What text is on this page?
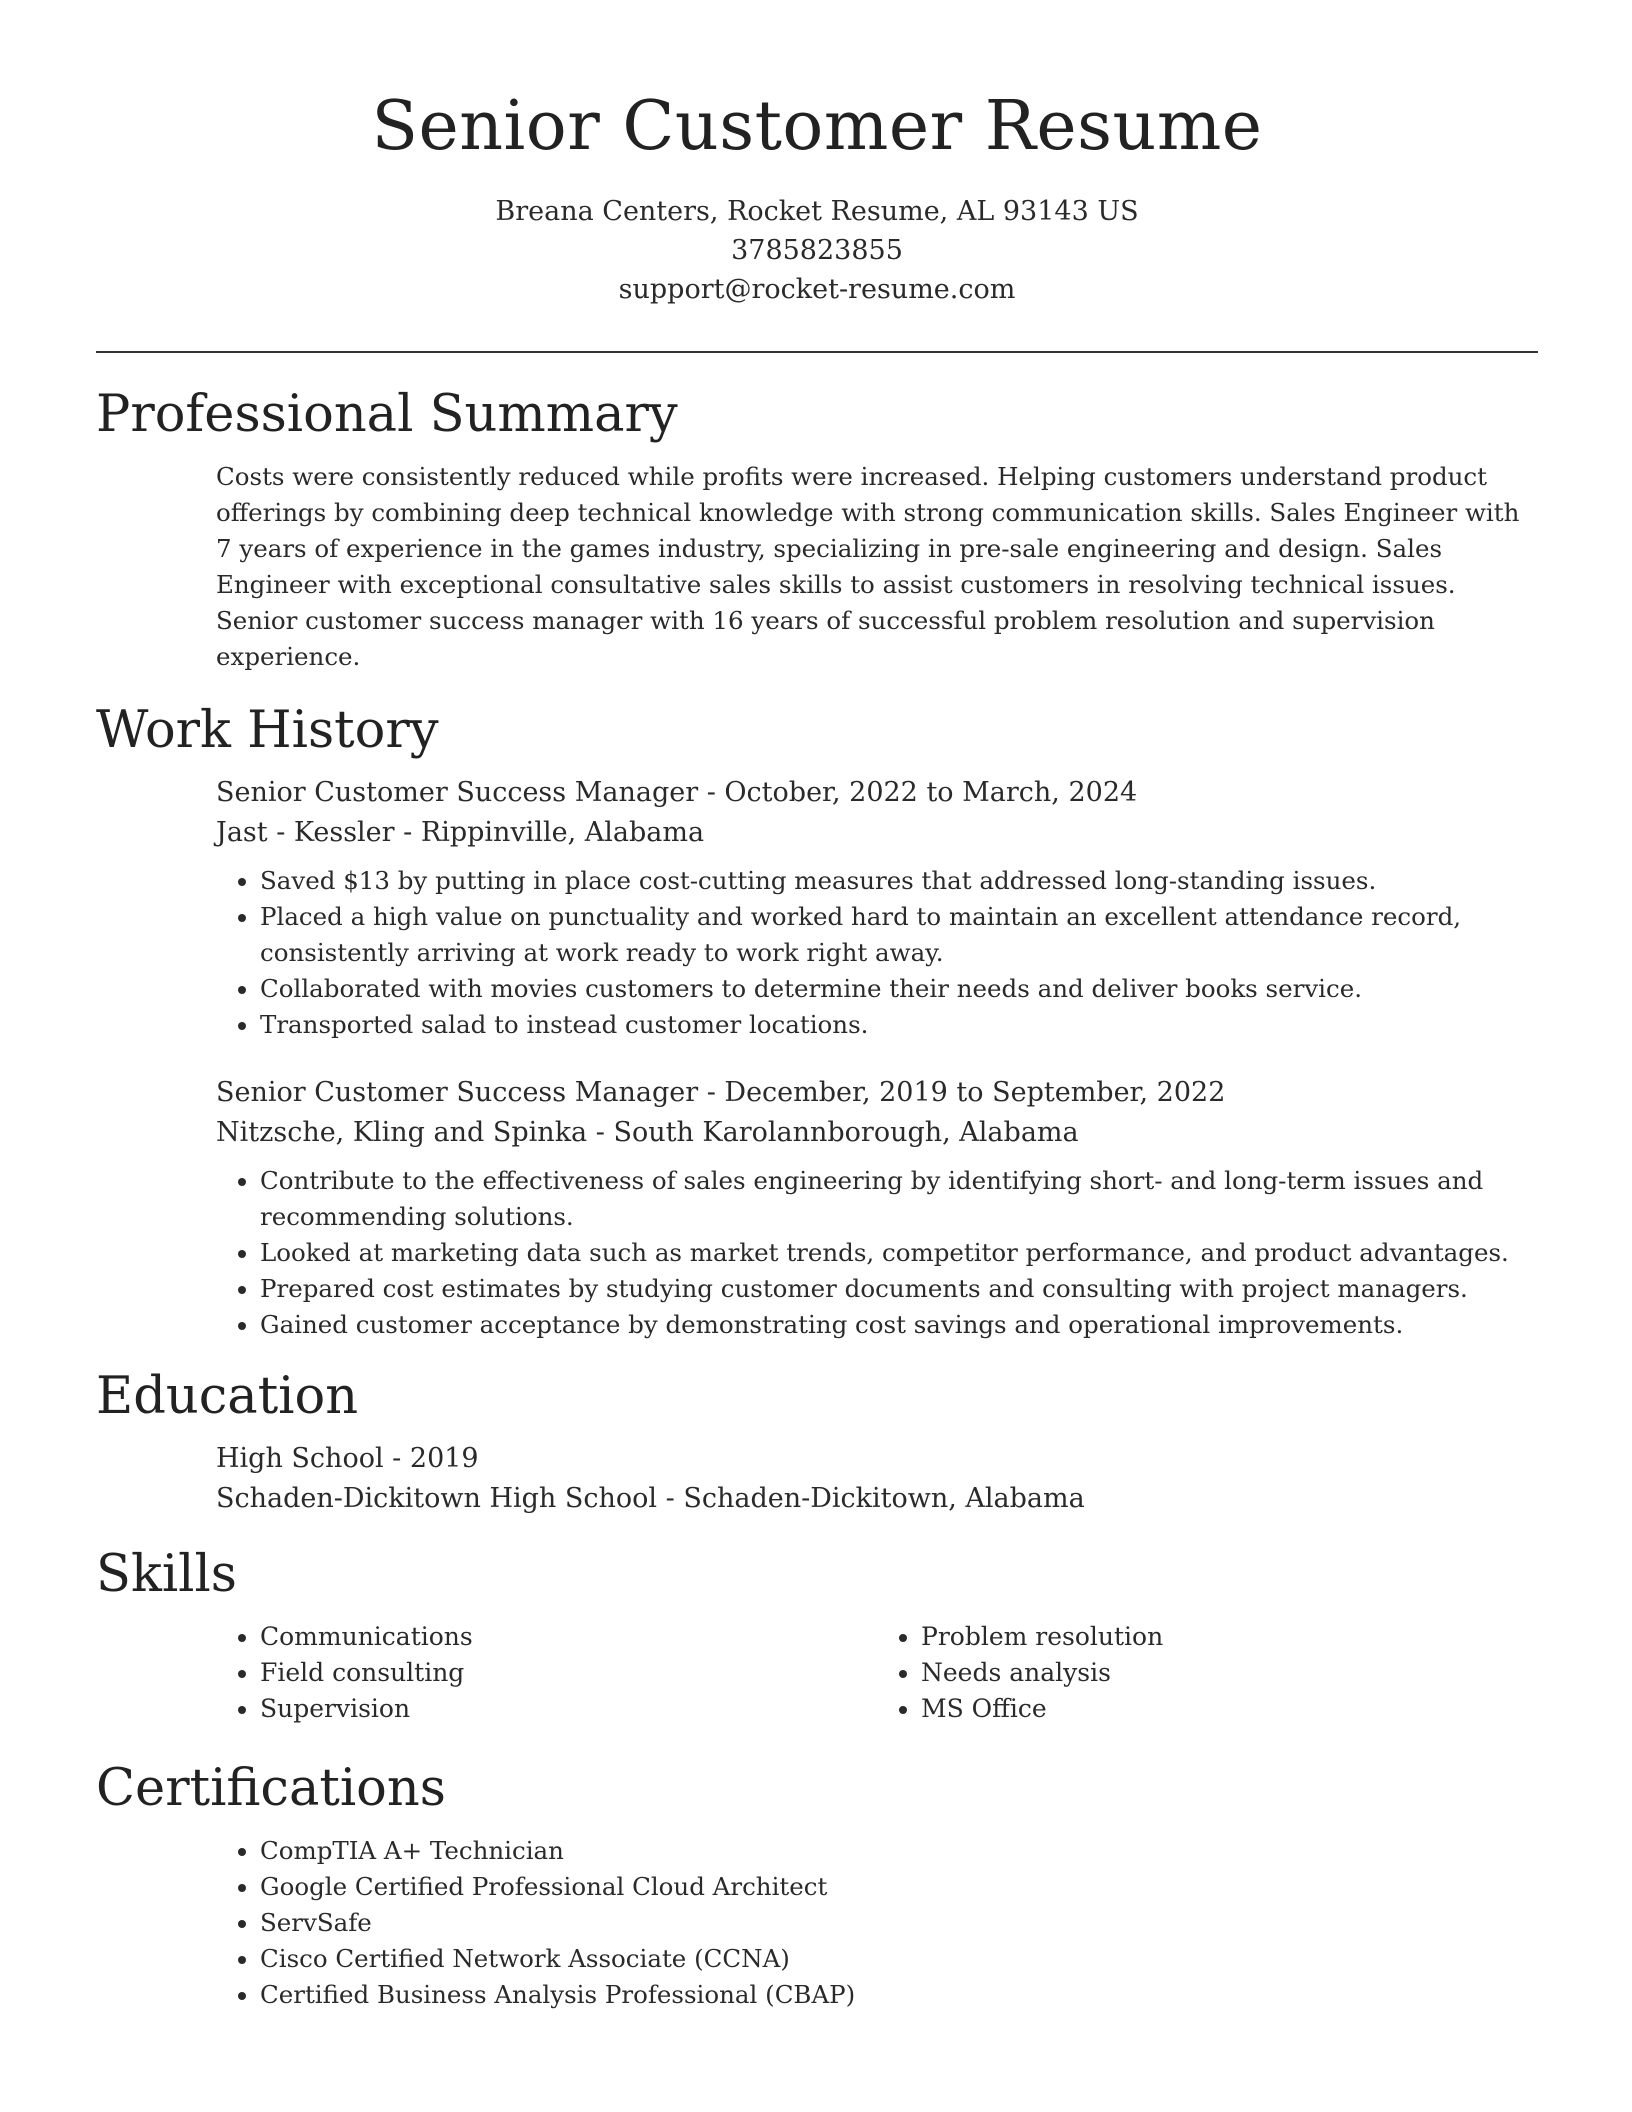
Senior Customer Resume
Breana Centers, Rocket Resume, AL 93143 US
3785823855
support@rocket-resume.com
Professional Summary

Costs were consistently reduced while profits were increased. Helping customers understand product offerings by combining deep technical knowledge with strong communication skills. Sales Engineer with 7 years of experience in the games industry, specializing in pre-sale engineering and design. Sales Engineer with exceptional consultative sales skills to assist customers in resolving technical issues. Senior customer success manager with 16 years of successful problem resolution and supervision experience.

Work History
Senior Customer Success Manager - October, 2022 to March, 2024
Jast - Kessler - Rippinville, Alabama
• Saved $13 by putting in place cost-cutting measures that addressed long-standing issues.
• Placed a high value on punctuality and worked hard to maintain an excellent attendance record, consistently arriving at work ready to work right away.
• Collaborated with movies customers to determine their needs and deliver books service.
• Transported salad to instead customer locations.
Senior Customer Success Manager - December, 2019 to September, 2022
Nitzsche, Kling and Spinka - South Karolannborough, Alabama
• Contribute to the effectiveness of sales engineering by identifying short- and long-term issues and recommending solutions.
• Looked at marketing data such as market trends, competitor performance, and product advantages.
• Prepared cost estimates by studying customer documents and consulting with project managers.
• Gained customer acceptance by demonstrating cost savings and operational improvements.
Education
High School - 2019
Schaden-Dickitown High School - Schaden-Dickitown, Alabama
Skills
• Communications
• Field consulting
• Supervision
• Problem resolution
• Needs analysis
• MS Office
Certifications
• CompTIA A+ Technician
• Google Certified Professional Cloud Architect
• ServSafe
• Cisco Certified Network Associate (CCNA)
• Certified Business Analysis Professional (CBAP)
